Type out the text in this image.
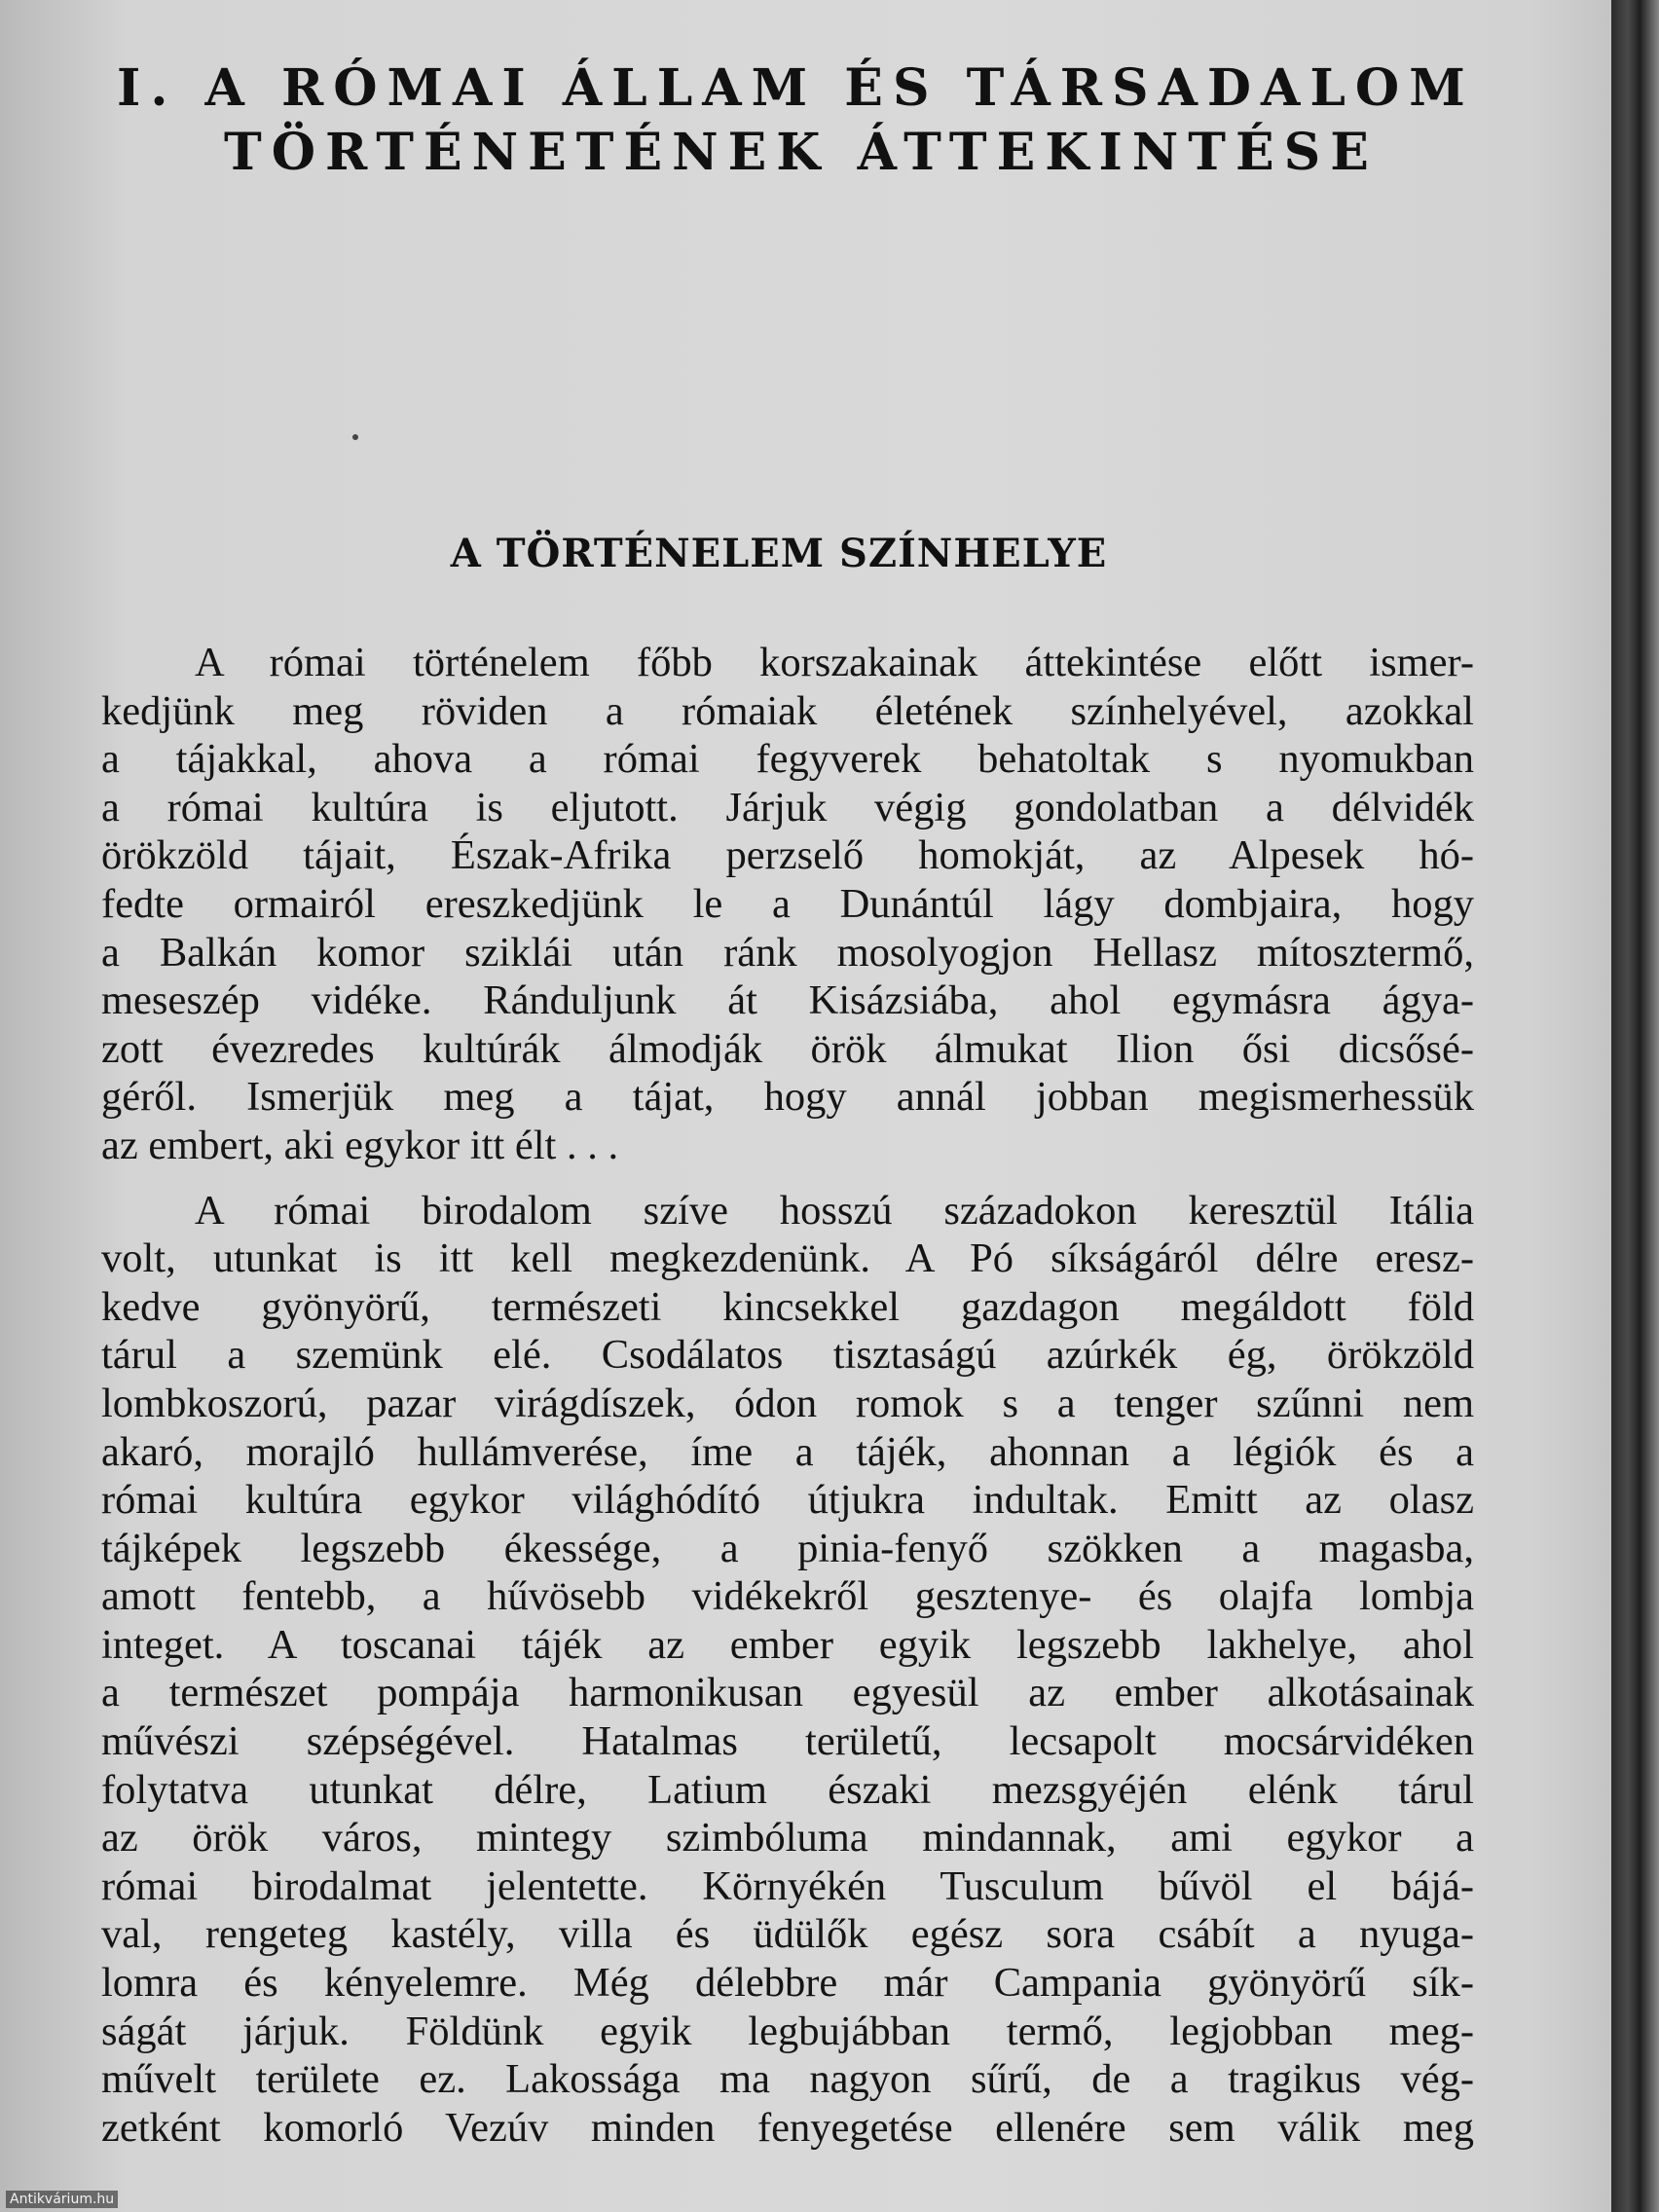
I. A RÓMAI ÁLLAM ÉS TÁRSADALOM
TÖRTÉNETÉNEK ÁTTEKINTÉSE
A TÖRTÉNELEM SZÍNHELYE
A római történelem főbb korszakainak áttekintése előtt ismer-
kedjünk meg röviden a rómaiak életének színhelyével, azokkal
a tájakkal, ahova a római fegyverek behatoltak s nyomukban
a római kultúra is eljutott. Járjuk végig gondolatban a délvidék
örökzöld tájait, Észak-Afrika perzselő homokját, az Alpesek hó-
fedte ormairól ereszkedjünk le a Dunántúl lágy dombjaira, hogy
a Balkán komor sziklái után ránk mosolyogjon Hellasz mítosztermő,
meseszép vidéke. Ránduljunk át Kisázsiába, ahol egymásra ágya-
zott évezredes kultúrák álmodják örök álmukat Ilion ősi dicsősé-
géről. Ismerjük meg a tájat, hogy annál jobban megismerhessük
az embert, aki egykor itt élt . . .
A római birodalom szíve hosszú századokon keresztül Itália
volt, utunkat is itt kell megkezdenünk. A Pó síkságáról délre eresz-
kedve gyönyörű, természeti kincsekkel gazdagon megáldott föld
tárul a szemünk elé. Csodálatos tisztaságú azúrkék ég, örökzöld
lombkoszorú, pazar virágdíszek, ódon romok s a tenger szűnni nem
akaró, morajló hullámverése, íme a tájék, ahonnan a légiók és a
római kultúra egykor világhódító útjukra indultak. Emitt az olasz
tájképek legszebb ékessége, a pinia-fenyő szökken a magasba,
amott fentebb, a hűvösebb vidékekről gesztenye- és olajfa lombja
integet. A toscanai tájék az ember egyik legszebb lakhelye, ahol
a természet pompája harmonikusan egyesül az ember alkotásainak
művészi szépségével. Hatalmas területű, lecsapolt mocsárvidéken
folytatva utunkat délre, Latium északi mezsgyéjén elénk tárul
az örök város, mintegy szimbóluma mindannak, ami egykor a
római birodalmat jelentette. Környékén Tusculum bűvöl el bájá-
val, rengeteg kastély, villa és üdülők egész sora csábít a nyuga-
lomra és kényelemre. Még délebbre már Campania gyönyörű sík-
ságát járjuk. Földünk egyik legbujábban termő, legjobban meg-
művelt területe ez. Lakossága ma nagyon sűrű, de a tragikus vég-
zetként komorló Vezúv minden fenyegetése ellenére sem válik meg
Antikvárium.hu
